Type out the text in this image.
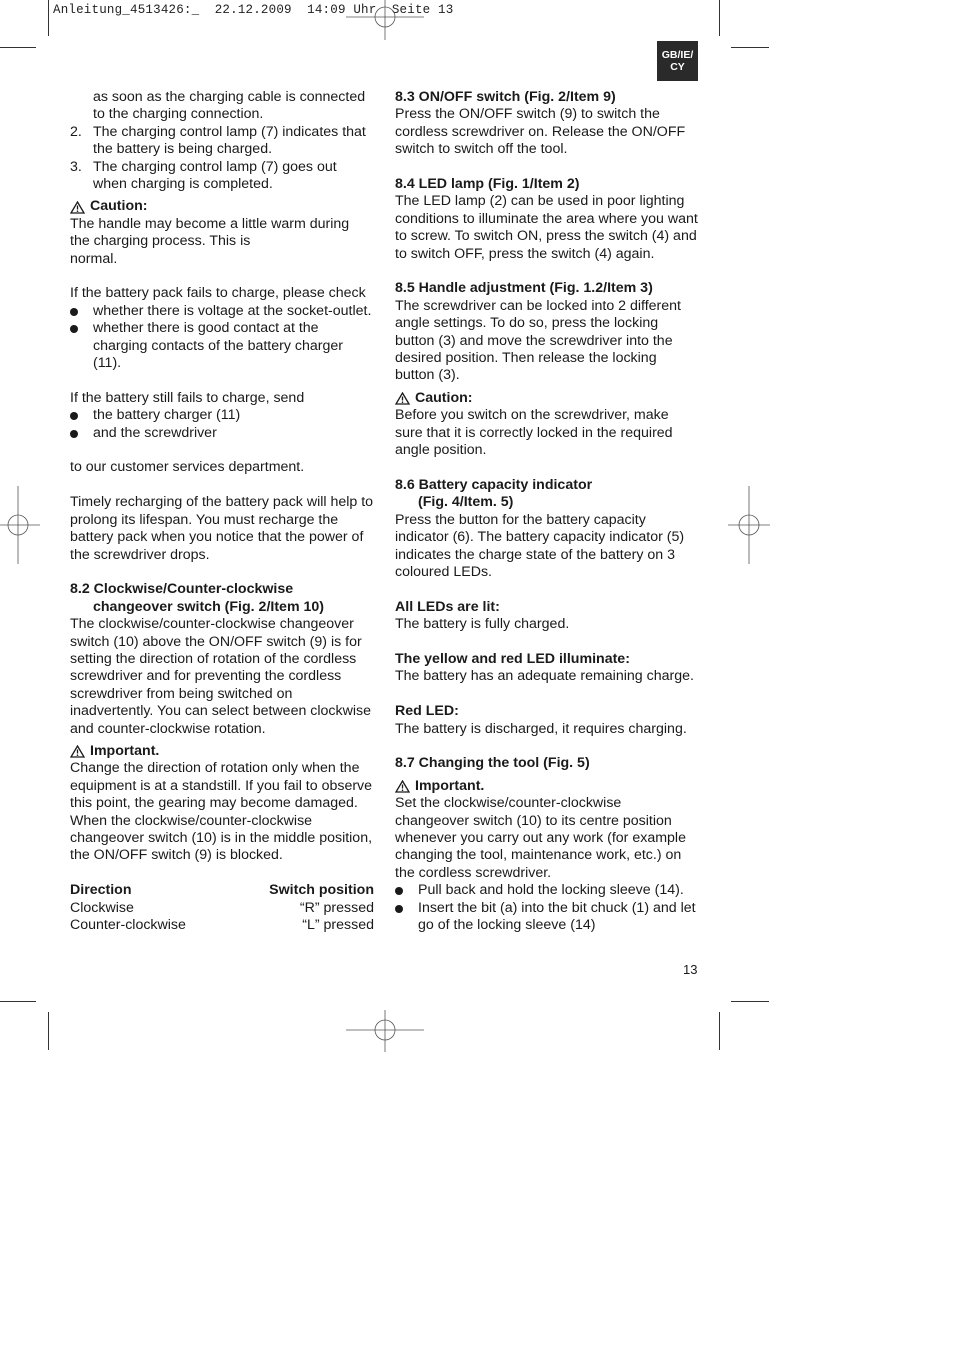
Anleitung_4513426:_  22.12.2009  14:09 Uhr  Seite 13
GB/IE/
CY

as soon as the charging cable is connected

to the charging connection.

2. The charging control lamp (7) indicates that the battery is being charged.

3. The charging control lamp (7) goes out when charging is completed.

Caution:

The handle may become a little warm during

the charging process. This is

normal.

If the battery pack fails to charge, please check

whether there is voltage at the socket-outlet.

whether there is good contact at the charging contacts of the battery charger (11).

If the battery still fails to charge, send

the battery charger (11)

and the screwdriver

to our customer services department.

Timely recharging of the battery pack will help to prolong its lifespan. You must recharge the battery pack when you notice that the power of the screwdriver drops.

8.2 Clockwise/Counter-clockwise

changeover switch (Fig. 2/Item 10)

The clockwise/counter-clockwise changeover switch (10) above the ON/OFF switch (9) is for setting the direction of rotation of the cordless screwdriver and for preventing the cordless screwdriver from being switched on inadvertently. You can select between clockwise and counter-clockwise rotation.

Important.

Change the direction of rotation only when the equipment is at a standstill. If you fail to observe this point, the gearing may become damaged. When the clockwise/counter-clockwise changeover switch (10) is in the middle position, the ON/OFF switch (9) is blocked.

Direction	Switch position
Clockwise	“R” pressed
Counter-clockwise	“L” pressed

8.3 ON/OFF switch (Fig. 2/Item 9)

Press the ON/OFF switch (9) to switch the cordless screwdriver on. Release the ON/OFF switch to switch off the tool.

8.4 LED lamp (Fig. 1/Item 2)

The LED lamp (2) can be used in poor lighting conditions to illuminate the area where you want to screw. To switch ON, press the switch (4) and to switch OFF, press the switch (4) again.

8.5 Handle adjustment (Fig. 1.2/Item 3)

The screwdriver can be locked into 2 different angle settings. To do so, press the locking button (3) and move the screwdriver into the desired position. Then release the locking button (3).

Caution:

Before you switch on the screwdriver, make sure that it is correctly locked in the required angle position.

8.6 Battery capacity indicator

(Fig. 4/Item. 5)

Press the button for the battery capacity indicator (6). The battery capacity indicator (5) indicates the charge state of the battery on 3 coloured LEDs.

All LEDs are lit:

The battery is fully charged.

The yellow and red LED illuminate:

The battery has an adequate remaining charge.

Red LED:

The battery is discharged, it requires charging.

8.7 Changing the tool (Fig. 5)

Important.

Set the clockwise/counter-clockwise changeover switch (10) to its centre position whenever you carry out any work (for example changing the tool, maintenance work, etc.) on the cordless screwdriver.

Pull back and hold the locking sleeve (14).

Insert the bit (a) into the bit chuck (1) and let go of the locking sleeve (14)

13
